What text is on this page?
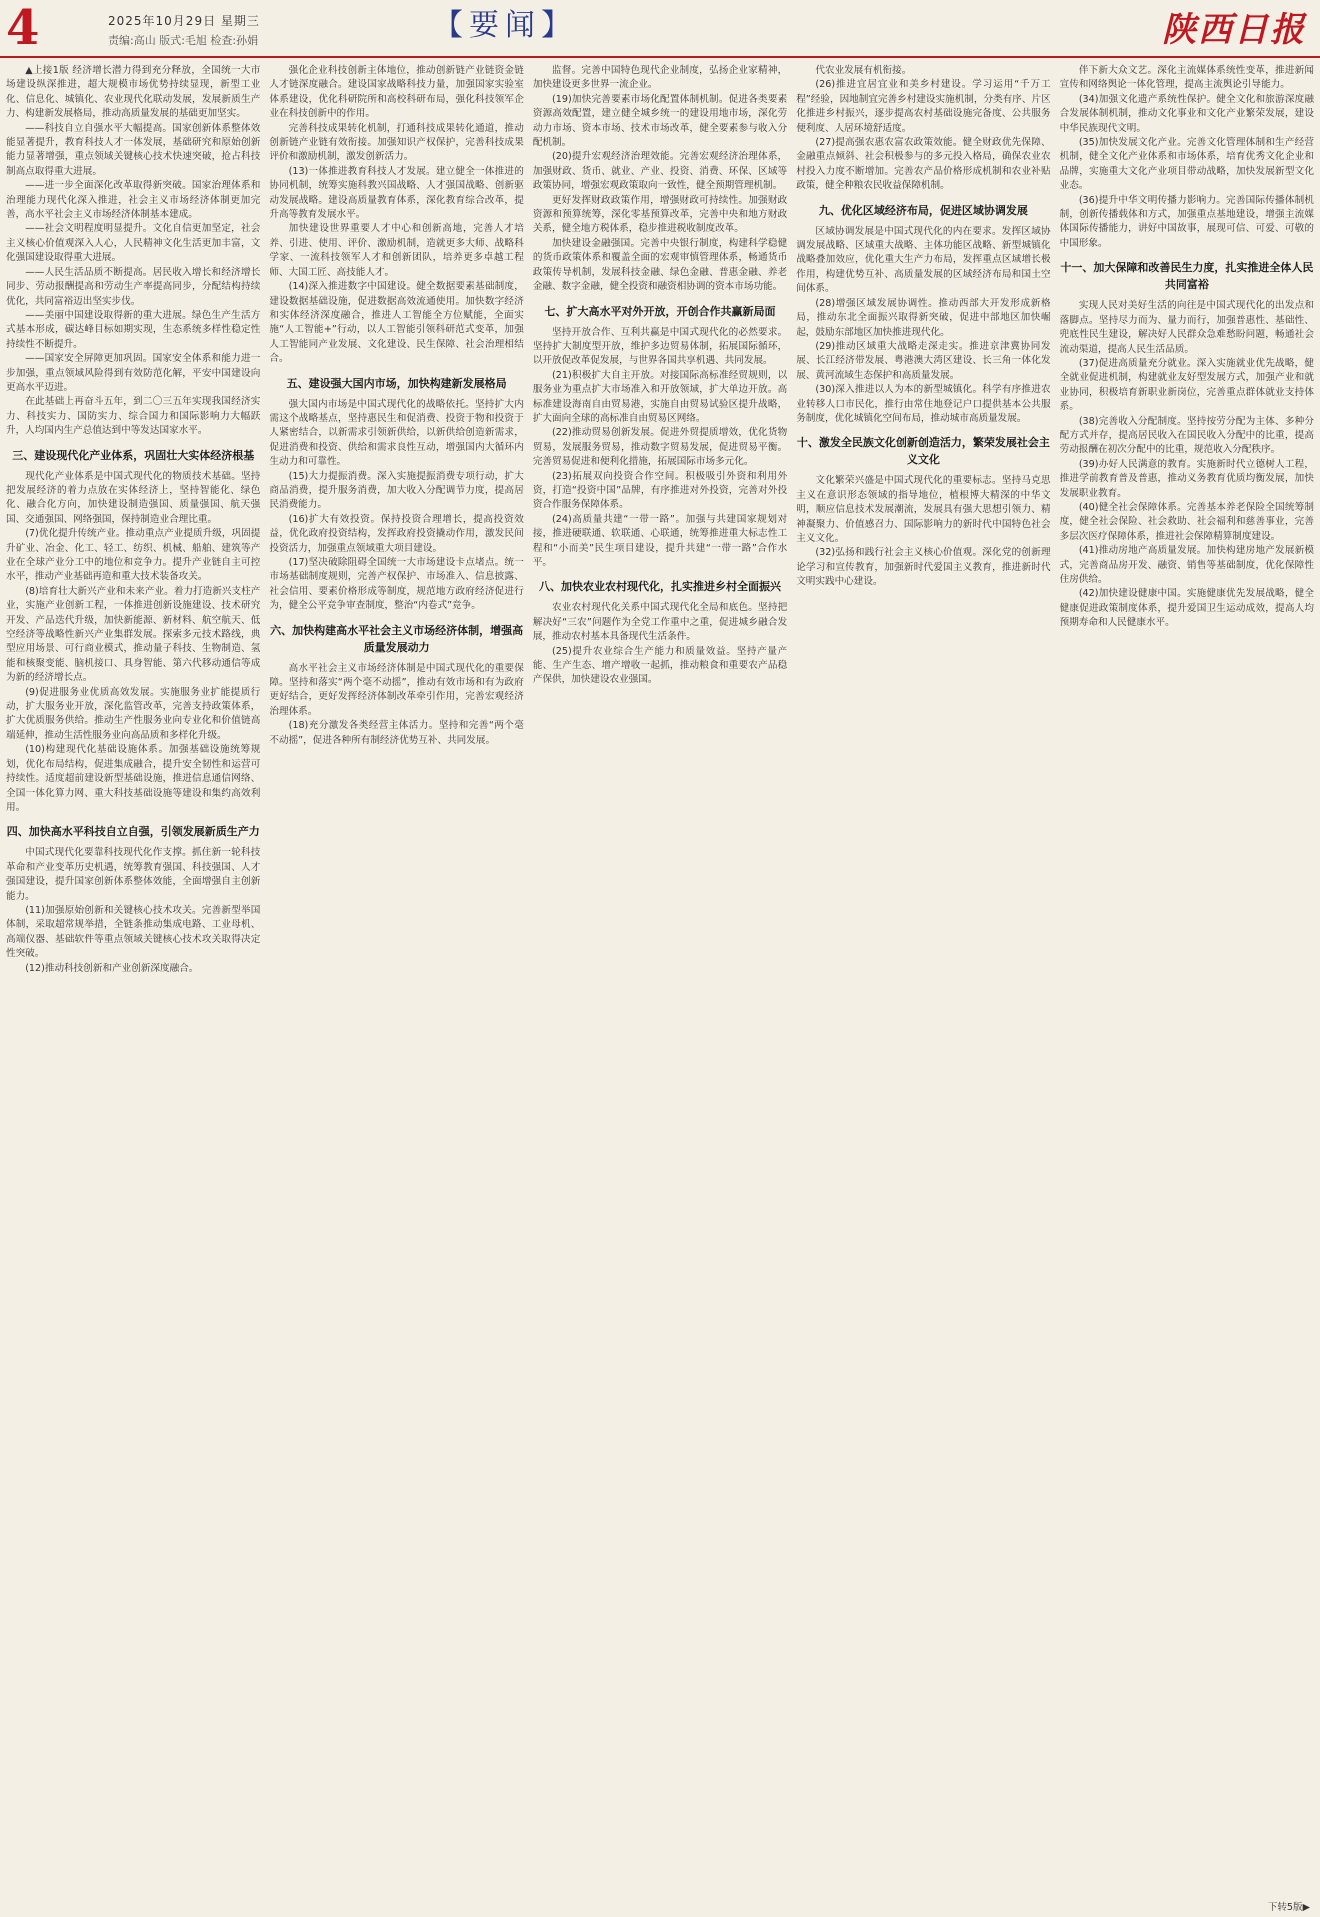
4	2025年10月29日 星期三
责编:高山 版式:毛旭 检查:孙娟	【要闻】	陕西日报

▲上接1版 经济增长潜力得到充分释放，全国统一大市场建设纵深推进，超大规模市场优势持续显现，新型工业化、信息化、城镇化、农业现代化联动发展，发展新质生产力、构建新发展格局，推动高质量发展的基础更加坚实。

——科技自立自强水平大幅提高。国家创新体系整体效能显著提升，教育科技人才一体发展，基础研究和原始创新能力显著增强，重点领域关键核心技术快速突破，抢占科技制高点取得重大进展。

——进一步全面深化改革取得新突破。国家治理体系和治理能力现代化深入推进，社会主义市场经济体制更加完善，高水平社会主义市场经济体制基本建成。

——社会文明程度明显提升。文化自信更加坚定，社会主义核心价值观深入人心，人民精神文化生活更加丰富，文化强国建设取得重大进展。

——人民生活品质不断提高。居民收入增长和经济增长同步、劳动报酬提高和劳动生产率提高同步，分配结构持续优化，共同富裕迈出坚实步伐。

——美丽中国建设取得新的重大进展。绿色生产生活方式基本形成，碳达峰目标如期实现，生态系统多样性稳定性持续性不断提升。

——国家安全屏障更加巩固。国家安全体系和能力进一步加强，重点领域风险得到有效防范化解，平安中国建设向更高水平迈进。

在此基础上再奋斗五年，到二〇三五年实现我国经济实力、科技实力、国防实力、综合国力和国际影响力大幅跃升，人均国内生产总值达到中等发达国家水平。

三、建设现代化产业体系，巩固壮大实体经济根基

现代化产业体系是中国式现代化的物质技术基础。坚持把发展经济的着力点放在实体经济上，坚持智能化、绿色化、融合化方向，加快建设制造强国、质量强国、航天强国、交通强国、网络强国，保持制造业合理比重。

(7)优化提升传统产业。推动重点产业提质升级，巩固提升矿业、冶金、化工、轻工、纺织、机械、船舶、建筑等产业在全球产业分工中的地位和竞争力。提升产业链自主可控水平，推动产业基础再造和重大技术装备攻关。

(8)培育壮大新兴产业和未来产业。着力打造新兴支柱产业，实施产业创新工程，一体推进创新设施建设、技术研究开发、产品迭代升级，加快新能源、新材料、航空航天、低空经济等战略性新兴产业集群发展。探索多元技术路线，典型应用场景、可行商业模式，推动量子科技、生物制造、氢能和核聚变能、脑机接口、具身智能、第六代移动通信等成为新的经济增长点。

(9)促进服务业优质高效发展。实施服务业扩能提质行动，扩大服务业开放，深化监管改革，完善支持政策体系，扩大优质服务供给。推动生产性服务业向专业化和价值链高端延伸，推动生活性服务业向高品质和多样化升级。

(10)构建现代化基础设施体系。加强基础设施统筹规划，优化布局结构，促进集成融合，提升安全韧性和运营可持续性。适度超前建设新型基础设施，推进信息通信网络、全国一体化算力网、重大科技基础设施等建设和集约高效利用。

四、加快高水平科技自立自强，引领发展新质生产力

中国式现代化要靠科技现代化作支撑。抓住新一轮科技革命和产业变革历史机遇，统筹教育强国、科技强国、人才强国建设，提升国家创新体系整体效能，全面增强自主创新能力。

(11)加强原始创新和关键核心技术攻关。完善新型举国体制，采取超常规举措，全链条推动集成电路、工业母机、高端仪器、基础软件等重点领域关键核心技术攻关取得决定性突破。

(12)推动科技创新和产业创新深度融合。

强化企业科技创新主体地位，推动创新链产业链资金链人才链深度融合。建设国家战略科技力量，加强国家实验室体系建设，优化科研院所和高校科研布局，强化科技领军企业在科技创新中的作用。

完善科技成果转化机制，打通科技成果转化通道，推动创新链产业链有效衔接。加强知识产权保护，完善科技成果评价和激励机制，激发创新活力。

(13)一体推进教育科技人才发展。建立健全一体推进的协同机制，统筹实施科教兴国战略、人才强国战略、创新驱动发展战略。建设高质量教育体系，深化教育综合改革，提升高等教育发展水平。

加快建设世界重要人才中心和创新高地，完善人才培养、引进、使用、评价、激励机制，造就更多大师、战略科学家、一流科技领军人才和创新团队，培养更多卓越工程师、大国工匠、高技能人才。

(14)深入推进数字中国建设。健全数据要素基础制度，建设数据基础设施，促进数据高效流通使用。加快数字经济和实体经济深度融合，推进人工智能全方位赋能，全面实施“人工智能+”行动，以人工智能引领科研范式变革，加强人工智能同产业发展、文化建设、民生保障、社会治理相结合。

五、建设强大国内市场，加快构建新发展格局

强大国内市场是中国式现代化的战略依托。坚持扩大内需这个战略基点，坚持惠民生和促消费、投资于物和投资于人紧密结合，以新需求引领新供给，以新供给创造新需求，促进消费和投资、供给和需求良性互动，增强国内大循环内生动力和可靠性。

(15)大力提振消费。深入实施提振消费专项行动，扩大商品消费，提升服务消费，加大收入分配调节力度，提高居民消费能力。

(16)扩大有效投资。保持投资合理增长，提高投资效益，优化政府投资结构，发挥政府投资撬动作用，激发民间投资活力，加强重点领域重大项目建设。

(17)坚决破除阻碍全国统一大市场建设卡点堵点。统一市场基础制度规则，完善产权保护、市场准入、信息披露、社会信用、要素价格形成等制度，规范地方政府经济促进行为，健全公平竞争审查制度，整治“内卷式”竞争。

六、加快构建高水平社会主义市场经济体制，增强高质量发展动力

高水平社会主义市场经济体制是中国式现代化的重要保障。坚持和落实“两个毫不动摇”，推动有效市场和有为政府更好结合，更好发挥经济体制改革牵引作用，完善宏观经济治理体系。

(18)充分激发各类经营主体活力。坚持和完善“两个毫不动摇”，促进各种所有制经济优势互补、共同发展。

监督。完善中国特色现代企业制度，弘扬企业家精神，加快建设更多世界一流企业。

(19)加快完善要素市场化配置体制机制。促进各类要素资源高效配置，建立健全城乡统一的建设用地市场，深化劳动力市场、资本市场、技术市场改革，健全要素参与收入分配机制。

(20)提升宏观经济治理效能。完善宏观经济治理体系，加强财政、货币、就业、产业、投资、消费、环保、区域等政策协同，增强宏观政策取向一致性，健全预期管理机制。

更好发挥财政政策作用，增强财政可持续性。加强财政资源和预算统筹，深化零基预算改革，完善中央和地方财政关系，健全地方税体系，稳步推进税收制度改革。

加快建设金融强国。完善中央银行制度，构建科学稳健的货币政策体系和覆盖全面的宏观审慎管理体系，畅通货币政策传导机制，发展科技金融、绿色金融、普惠金融、养老金融、数字金融，健全投资和融资相协调的资本市场功能。

七、扩大高水平对外开放，开创合作共赢新局面

坚持开放合作、互利共赢是中国式现代化的必然要求。坚持扩大制度型开放，维护多边贸易体制，拓展国际循环，以开放促改革促发展，与世界各国共享机遇、共同发展。

(21)积极扩大自主开放。对接国际高标准经贸规则，以服务业为重点扩大市场准入和开放领域，扩大单边开放。高标准建设海南自由贸易港，实施自由贸易试验区提升战略，扩大面向全球的高标准自由贸易区网络。

(22)推动贸易创新发展。促进外贸提质增效，优化货物贸易，发展服务贸易，推动数字贸易发展，促进贸易平衡。完善贸易促进和便利化措施，拓展国际市场多元化。

(23)拓展双向投资合作空间。积极吸引外资和利用外资，打造“投资中国”品牌，有序推进对外投资，完善对外投资合作服务保障体系。

(24)高质量共建“一带一路”。加强与共建国家规划对接，推进硬联通、软联通、心联通，统筹推进重大标志性工程和“小而美”民生项目建设，提升共建“一带一路”合作水平。

八、加快农业农村现代化，扎实推进乡村全面振兴

农业农村现代化关系中国式现代化全局和底色。坚持把解决好“三农”问题作为全党工作重中之重，促进城乡融合发展，推动农村基本具备现代生活条件。

(25)提升农业综合生产能力和质量效益。坚持产量产能、生产生态、增产增收一起抓，推动粮食和重要农产品稳产保供，加快建设农业强国。

代农业发展有机衔接。

(26)推进宜居宜业和美乡村建设。学习运用“千万工程”经验，因地制宜完善乡村建设实施机制，分类有序、片区化推进乡村振兴，逐步提高农村基础设施完备度、公共服务便利度、人居环境舒适度。

(27)提高强农惠农富农政策效能。健全财政优先保障、金融重点倾斜、社会积极参与的多元投入格局，确保农业农村投入力度不断增加。完善农产品价格形成机制和农业补贴政策，健全种粮农民收益保障机制。

九、优化区域经济布局，促进区域协调发展

区域协调发展是中国式现代化的内在要求。发挥区域协调发展战略、区域重大战略、主体功能区战略、新型城镇化战略叠加效应，优化重大生产力布局，发挥重点区域增长极作用，构建优势互补、高质量发展的区域经济布局和国土空间体系。

(28)增强区域发展协调性。推动西部大开发形成新格局，推动东北全面振兴取得新突破，促进中部地区加快崛起，鼓励东部地区加快推进现代化。

(29)推动区域重大战略走深走实。推进京津冀协同发展、长江经济带发展、粤港澳大湾区建设、长三角一体化发展、黄河流域生态保护和高质量发展。

(30)深入推进以人为本的新型城镇化。科学有序推进农业转移人口市民化，推行由常住地登记户口提供基本公共服务制度，优化城镇化空间布局，推动城市高质量发展。

十、激发全民族文化创新创造活力，繁荣发展社会主义文化

文化繁荣兴盛是中国式现代化的重要标志。坚持马克思主义在意识形态领域的指导地位，植根博大精深的中华文明，顺应信息技术发展潮流，发展具有强大思想引领力、精神凝聚力、价值感召力、国际影响力的新时代中国特色社会主义文化。

(32)弘扬和践行社会主义核心价值观。深化党的创新理论学习和宣传教育，加强新时代爱国主义教育，推进新时代文明实践中心建设。

伴下新大众文艺。深化主流媒体系统性变革，推进新闻宣传和网络舆论一体化管理，提高主流舆论引导能力。

(34)加强文化遗产系统性保护。健全文化和旅游深度融合发展体制机制，推动文化事业和文化产业繁荣发展，建设中华民族现代文明。

(35)加快发展文化产业。完善文化管理体制和生产经营机制，健全文化产业体系和市场体系，培育优秀文化企业和品牌，实施重大文化产业项目带动战略，加快发展新型文化业态。

(36)提升中华文明传播力影响力。完善国际传播体制机制，创新传播载体和方式，加强重点基地建设，增强主流媒体国际传播能力，讲好中国故事，展现可信、可爱、可敬的中国形象。

十一、加大保障和改善民生力度，扎实推进全体人民共同富裕

实现人民对美好生活的向往是中国式现代化的出发点和落脚点。坚持尽力而为、量力而行，加强普惠性、基础性、兜底性民生建设，解决好人民群众急难愁盼问题，畅通社会流动渠道，提高人民生活品质。

(37)促进高质量充分就业。深入实施就业优先战略，健全就业促进机制，构建就业友好型发展方式，加强产业和就业协同，积极培育新职业新岗位，完善重点群体就业支持体系。

(38)完善收入分配制度。坚持按劳分配为主体、多种分配方式并存，提高居民收入在国民收入分配中的比重，提高劳动报酬在初次分配中的比重，规范收入分配秩序。

(39)办好人民满意的教育。实施新时代立德树人工程，推进学前教育普及普惠，推动义务教育优质均衡发展，加快发展职业教育。

(40)健全社会保障体系。完善基本养老保险全国统筹制度，健全社会保险、社会救助、社会福利和慈善事业，完善多层次医疗保障体系，推进社会保障精算制度建设。

(41)推动房地产高质量发展。加快构建房地产发展新模式，完善商品房开发、融资、销售等基础制度，优化保障性住房供给。

(42)加快建设健康中国。实施健康优先发展战略，健全健康促进政策制度体系，提升爱国卫生运动成效，提高人均预期寿命和人民健康水平。

下转5版▶
